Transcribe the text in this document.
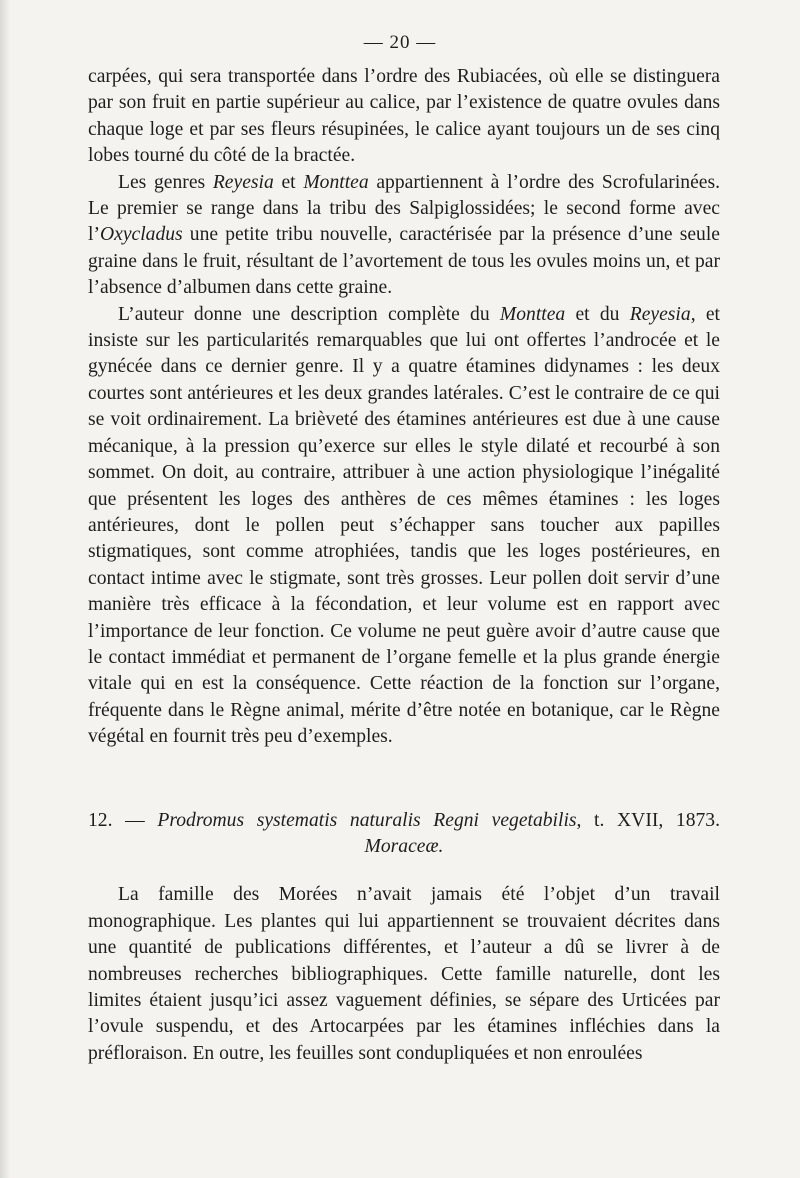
— 20 —

carpées, qui sera transportée dans l’ordre des Rubiacées, où elle se distinguera par son fruit en partie supérieur au calice, par l’existence de quatre ovules dans chaque loge et par ses fleurs résupinées, le calice ayant toujours un de ses cinq lobes tourné du côté de la bractée.

Les genres Reyesia et Monttea appartiennent à l’ordre des Scrofularinées. Le premier se range dans la tribu des Salpiglossidées; le second forme avec l’Oxycladus une petite tribu nouvelle, caractérisée par la présence d’une seule graine dans le fruit, résultant de l’avortement de tous les ovules moins un, et par l’absence d’albumen dans cette graine.

L’auteur donne une description complète du Monttea et du Reyesia, et insiste sur les particularités remarquables que lui ont offertes l’androcée et le gynécée dans ce dernier genre. Il y a quatre étamines didynames : les deux courtes sont antérieures et les deux grandes latérales. C’est le contraire de ce qui se voit ordinairement. La brièveté des étamines antérieures est due à une cause mécanique, à la pression qu’exerce sur elles le style dilaté et recourbé à son sommet. On doit, au contraire, attribuer à une action physiologique l’inégalité que présentent les loges des anthères de ces mêmes étamines : les loges antérieures, dont le pollen peut s’échapper sans toucher aux papilles stigmatiques, sont comme atrophiées, tandis que les loges postérieures, en contact intime avec le stigmate, sont très grosses. Leur pollen doit servir d’une manière très efficace à la fécondation, et leur volume est en rapport avec l’importance de leur fonction. Ce volume ne peut guère avoir d’autre cause que le contact immédiat et permanent de l’organe femelle et la plus grande énergie vitale qui en est la conséquence. Cette réaction de la fonction sur l’organe, fréquente dans le Règne animal, mérite d’être notée en botanique, car le Règne végétal en fournit très peu d’exemples.

12. — Prodromus systematis naturalis Regni vegetabilis, t. XVII, 1873.
Moraceæ.

La famille des Morées n’avait jamais été l’objet d’un travail monographique. Les plantes qui lui appartiennent se trouvaient décrites dans une quantité de publications différentes, et l’auteur a dû se livrer à de nombreuses recherches bibliographiques. Cette famille naturelle, dont les limites étaient jusqu’ici assez vaguement définies, se sépare des Urticées par l’ovule suspendu, et des Artocarpées par les étamines infléchies dans la préfloraison. En outre, les feuilles sont condupliquées et non enroulées
